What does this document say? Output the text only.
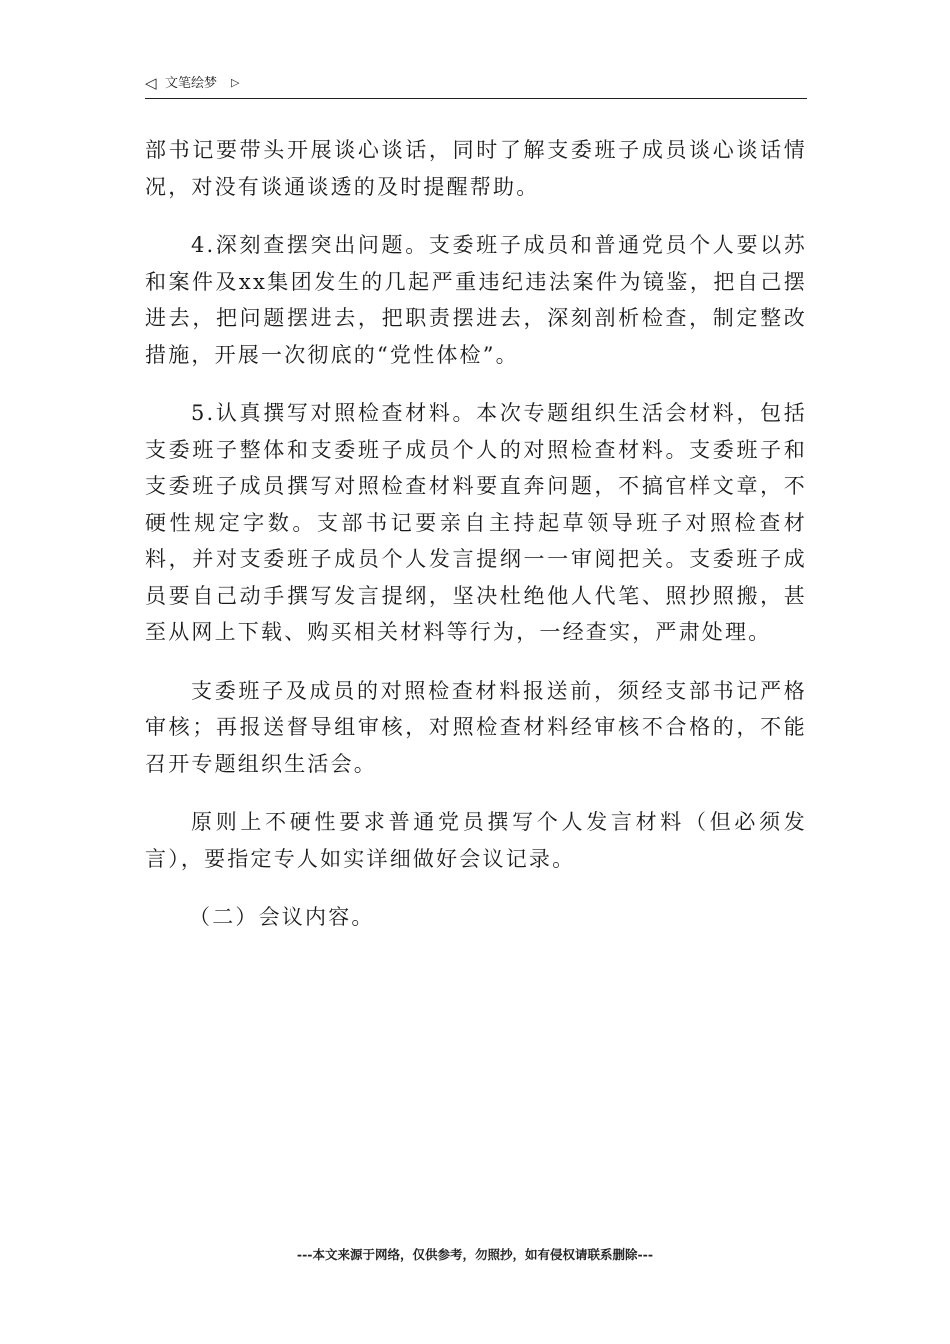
◁ 文笔绘梦 ▷

部书记要带头开展谈心谈话，同时了解支委班子成员谈心谈话情况，对没有谈通谈透的及时提醒帮助。

4.深刻查摆突出问题。支委班子成员和普通党员个人要以苏和案件及xx集团发生的几起严重违纪违法案件为镜鉴，把自己摆进去，把问题摆进去，把职责摆进去，深刻剖析检查，制定整改措施，开展一次彻底的“党性体检”。

5.认真撰写对照检查材料。本次专题组织生活会材料，包括支委班子整体和支委班子成员个人的对照检查材料。支委班子和支委班子成员撰写对照检查材料要直奔问题，不搞官样文章，不硬性规定字数。支部书记要亲自主持起草领导班子对照检查材料，并对支委班子成员个人发言提纲一一审阅把关。支委班子成员要自己动手撰写发言提纲，坚决杜绝他人代笔、照抄照搬，甚至从网上下载、购买相关材料等行为，一经查实，严肃处理。

支委班子及成员的对照检查材料报送前，须经支部书记严格审核；再报送督导组审核，对照检查材料经审核不合格的，不能召开专题组织生活会。

原则上不硬性要求普通党员撰写个人发言材料（但必须发言），要指定专人如实详细做好会议记录。

（二）会议内容。

---本文来源于网络，仅供参考，勿照抄，如有侵权请联系删除---
